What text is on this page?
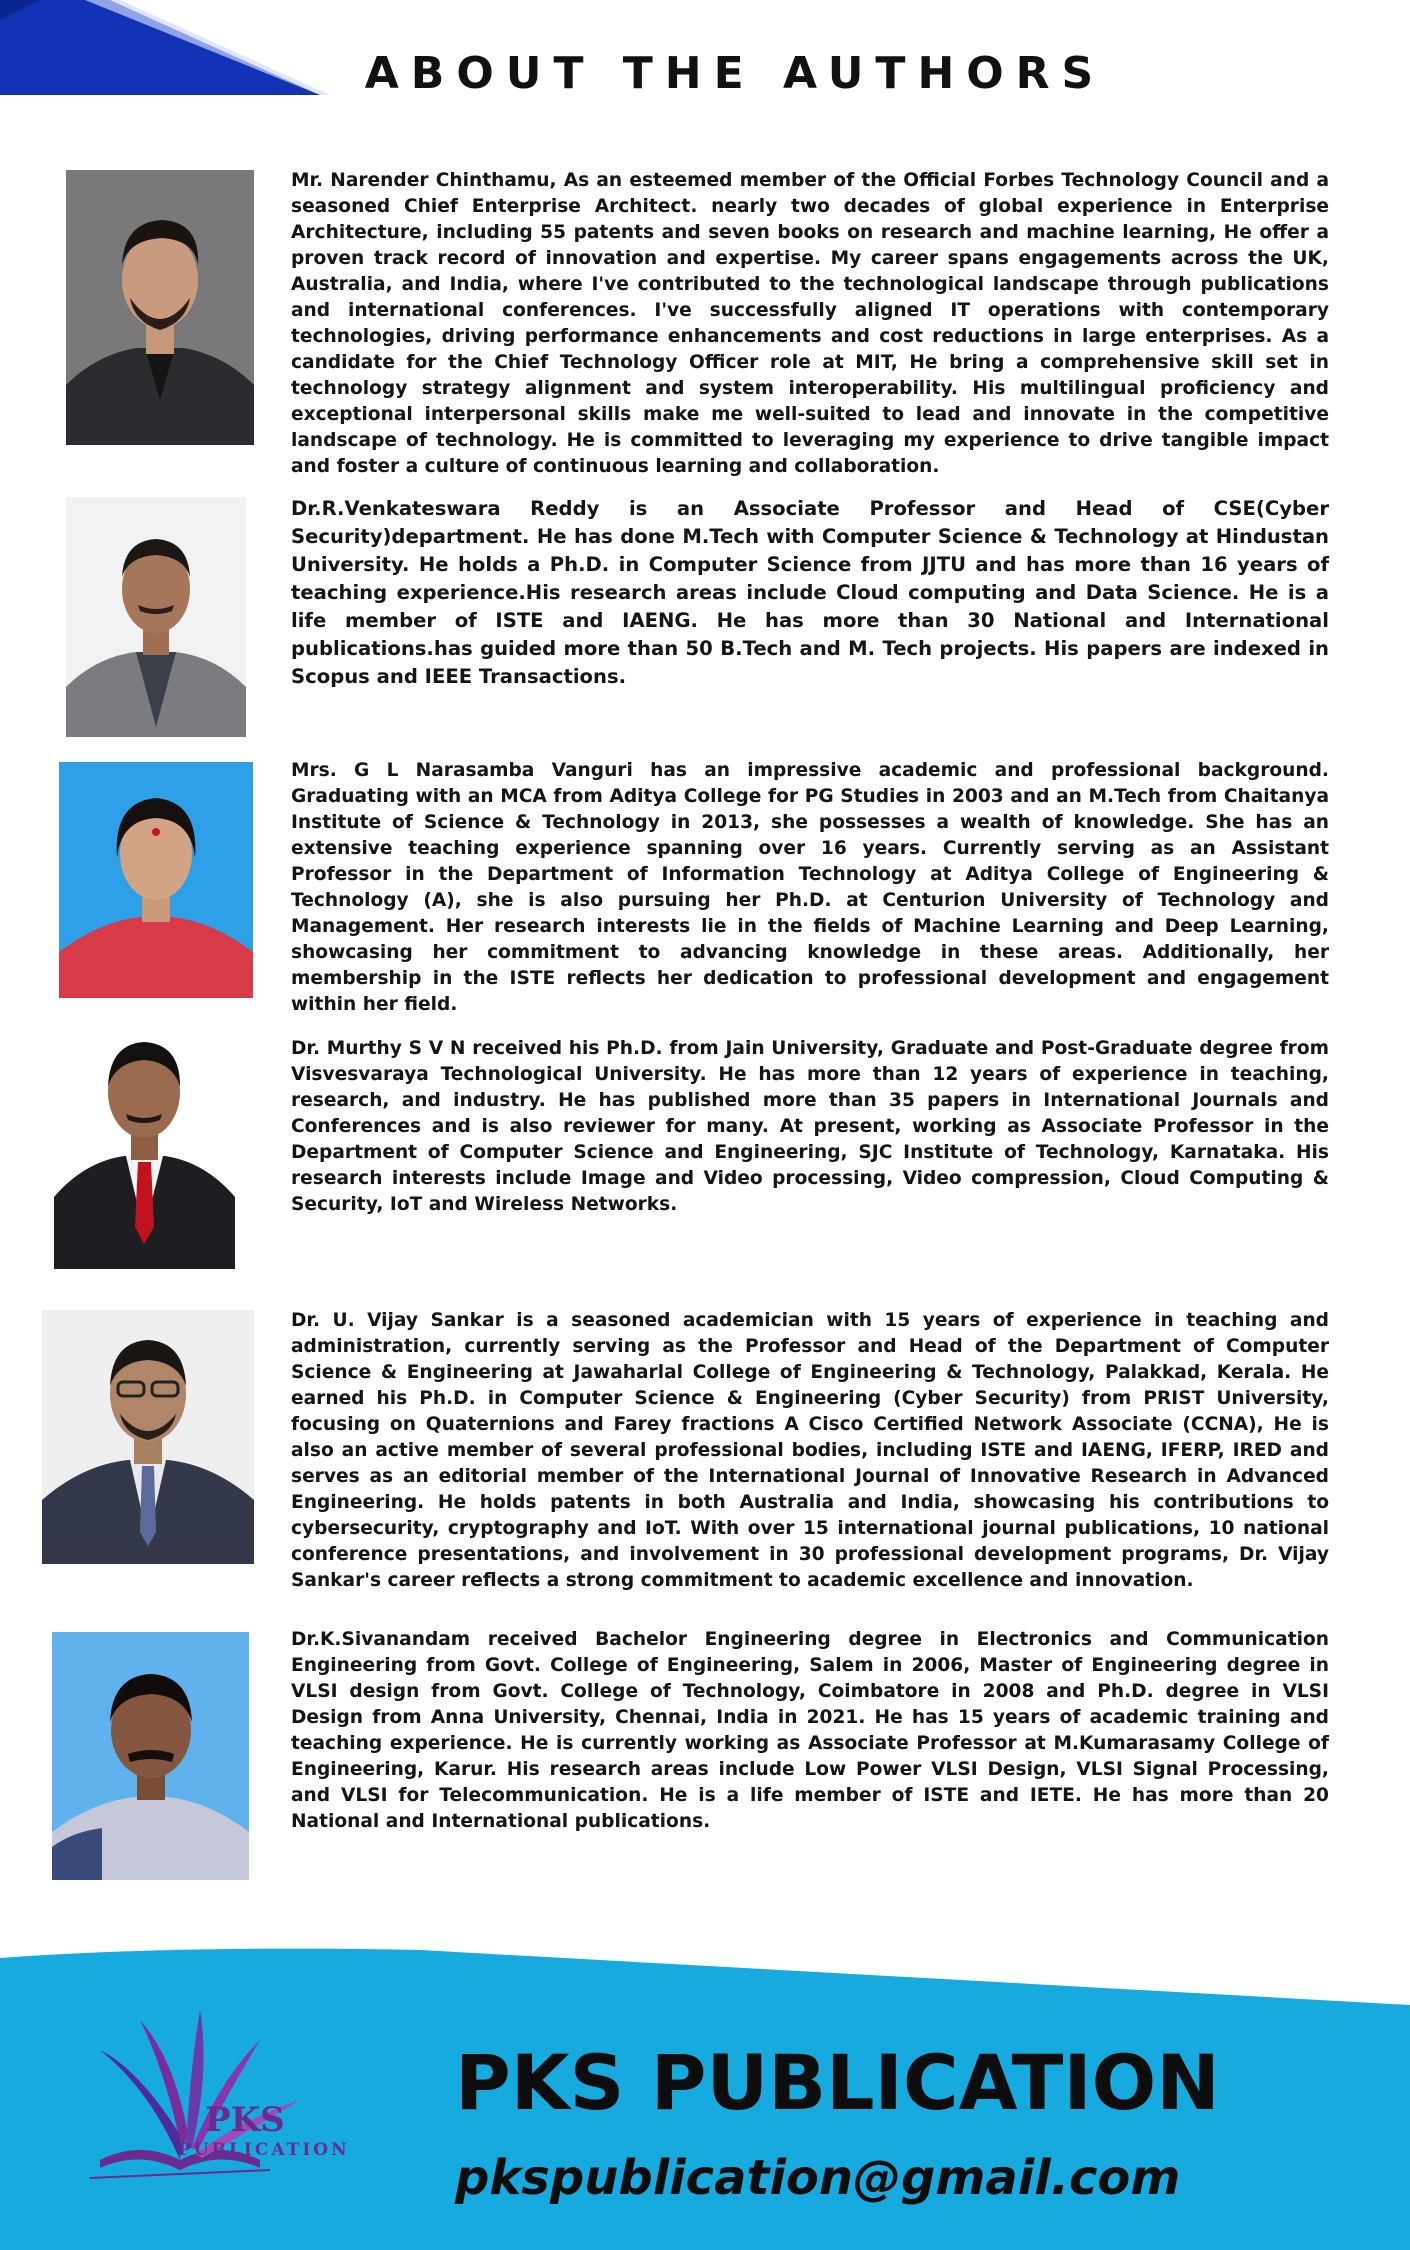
ABOUT THE AUTHORS

Mr. Narender Chinthamu, As an esteemed member of the Official Forbes Technology Council and a seasoned Chief Enterprise Architect. nearly two decades of global experience in Enterprise Architecture, including 55 patents and seven books on research and machine learning, He offer a proven track record of innovation and expertise. My career spans engagements across the UK, Australia, and India, where I've contributed to the technological landscape through publications and international conferences. I've successfully aligned IT operations with contemporary technologies, driving performance enhancements and cost reductions in large enterprises. As a candidate for the Chief Technology Officer role at MIT, He bring a comprehensive skill set in technology strategy alignment and system interoperability. His multilingual proficiency and exceptional interpersonal skills make me well-suited to lead and innovate in the competitive landscape of technology. He is committed to leveraging my experience to drive tangible impact and foster a culture of continuous learning and collaboration.

Dr.R.Venkateswara Reddy is an Associate Professor and Head of CSE(Cyber Security)department. He has done M.Tech with Computer Science & Technology at Hindustan University. He holds a Ph.D. in Computer Science from JJTU and has more than 16 years of teaching experience.His research areas include Cloud computing and Data Science. He is a life member of ISTE and IAENG. He has more than 30 National and International publications.has guided more than 50 B.Tech and M. Tech projects. His papers are indexed in Scopus and IEEE Transactions.

Mrs. G L Narasamba Vanguri has an impressive academic and professional background. Graduating with an MCA from Aditya College for PG Studies in 2003 and an M.Tech from Chaitanya Institute of Science & Technology in 2013, she possesses a wealth of knowledge. She has an extensive teaching experience spanning over 16 years. Currently serving as an Assistant Professor in the Department of Information Technology at Aditya College of Engineering & Technology (A), she is also pursuing her Ph.D. at Centurion University of Technology and Management. Her research interests lie in the fields of Machine Learning and Deep Learning, showcasing her commitment to advancing knowledge in these areas. Additionally, her membership in the ISTE reflects her dedication to professional development and engagement within her field.

Dr. Murthy S V N received his Ph.D. from Jain University, Graduate and Post-Graduate degree from Visvesvaraya Technological University. He has more than 12 years of experience in teaching, research, and industry. He has published more than 35 papers in International Journals and Conferences and is also reviewer for many. At present, working as Associate Professor in the Department of Computer Science and Engineering, SJC Institute of Technology, Karnataka. His research interests include Image and Video processing, Video compression, Cloud Computing & Security, IoT and Wireless Networks.

Dr. U. Vijay Sankar is a seasoned academician with 15 years of experience in teaching and administration, currently serving as the Professor and Head of the Department of Computer Science & Engineering at Jawaharlal College of Engineering & Technology, Palakkad, Kerala. He earned his Ph.D. in Computer Science & Engineering (Cyber Security) from PRIST University, focusing on Quaternions and Farey fractions A Cisco Certified Network Associate (CCNA), He is also an active member of several professional bodies, including ISTE and IAENG, IFERP, IRED and serves as an editorial member of the International Journal of Innovative Research in Advanced Engineering. He holds patents in both Australia and India, showcasing his contributions to cybersecurity, cryptography and IoT. With over 15 international journal publications, 10 national conference presentations, and involvement in 30 professional development programs, Dr. Vijay Sankar's career reflects a strong commitment to academic excellence and innovation.

Dr.K.Sivanandam received Bachelor Engineering degree in Electronics and Communication Engineering from Govt. College of Engineering, Salem in 2006, Master of Engineering degree in VLSI design from Govt. College of Technology, Coimbatore in 2008 and Ph.D. degree in VLSI Design from Anna University, Chennai, India in 2021. He has 15 years of academic training and teaching experience. He is currently working as Associate Professor at M.Kumarasamy College of Engineering, Karur. His research areas include Low Power VLSI Design, VLSI Signal Processing, and VLSI for Telecommunication. He is a life member of ISTE and IETE. He has more than 20 National and International publications.

PKS
PUBLICATION
PKS PUBLICATION

pkspublication@gmail.com
